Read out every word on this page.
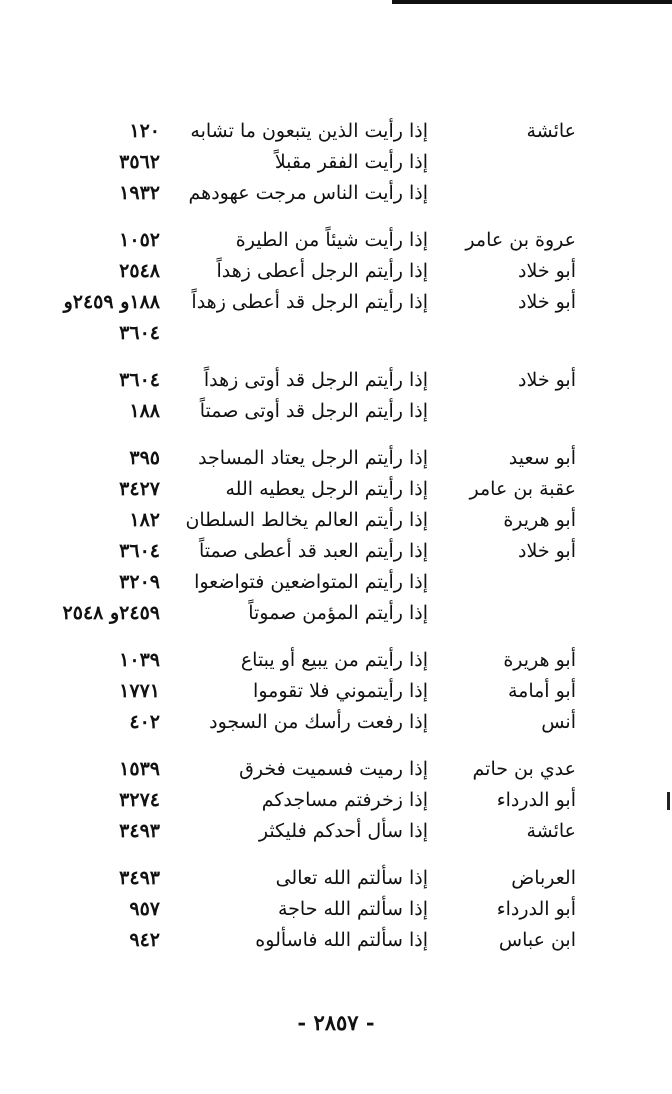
عائشة
إذا رأيت الذين يتبعون ما تشابه
١٢٠
إذا رأيت الفقر مقبلاً
٣٥٦٢
إذا رأيت الناس مرجت عهودهم
١٩٣٢
عروة بن عامر
إذا رأيت شيئاً من الطيرة
١٠٥٢
أبو خلاد
إذا رأيتم الرجل أعطى زهداً
٢٥٤٨
أبو خلاد
إذا رأيتم الرجل قد أعطى زهداً
١٨٨و ٢٤٥٩و
٣٦٠٤
أبو خلاد
إذا رأيتم الرجل قد أوتى زهداً
٣٦٠٤
إذا رأيتم الرجل قد أوتى صمتاً
١٨٨
أبو سعيد
إذا رأيتم الرجل يعتاد المساجد
٣٩٥
عقبة بن عامر
إذا رأيتم الرجل يعطيه الله
٣٤٢٧
أبو هريرة
إذا رأيتم العالم يخالط السلطان
١٨٢
أبو خلاد
إذا رأيتم العبد قد أعطى صمتاً
٣٦٠٤
إذا رأيتم المتواضعين فتواضعوا
٣٢٠٩
إذا رأيتم المؤمن صموتاً
٢٤٥٩و ٢٥٤٨
أبو هريرة
إذا رأيتم من يبيع أو يبتاع
١٠٣٩
أبو أمامة
إذا رأيتموني فلا تقوموا
١٧٧١
أنس
إذا رفعت رأسك من السجود
٤٠٢
عدي بن حاتم
إذا رميت فسميت فخرق
١٥٣٩
أبو الدرداء
إذا زخرفتم مساجدكم
٣٢٧٤
عائشة
إذا سأل أحدكم فليكثر
٣٤٩٣
العرباض
إذا سألتم الله تعالى
٣٤٩٣
أبو الدرداء
إذا سألتم الله حاجة
٩٥٧
ابن عباس
إذا سألتم الله فاسألوه
٩٤٢
- ٢٨٥٧ -
